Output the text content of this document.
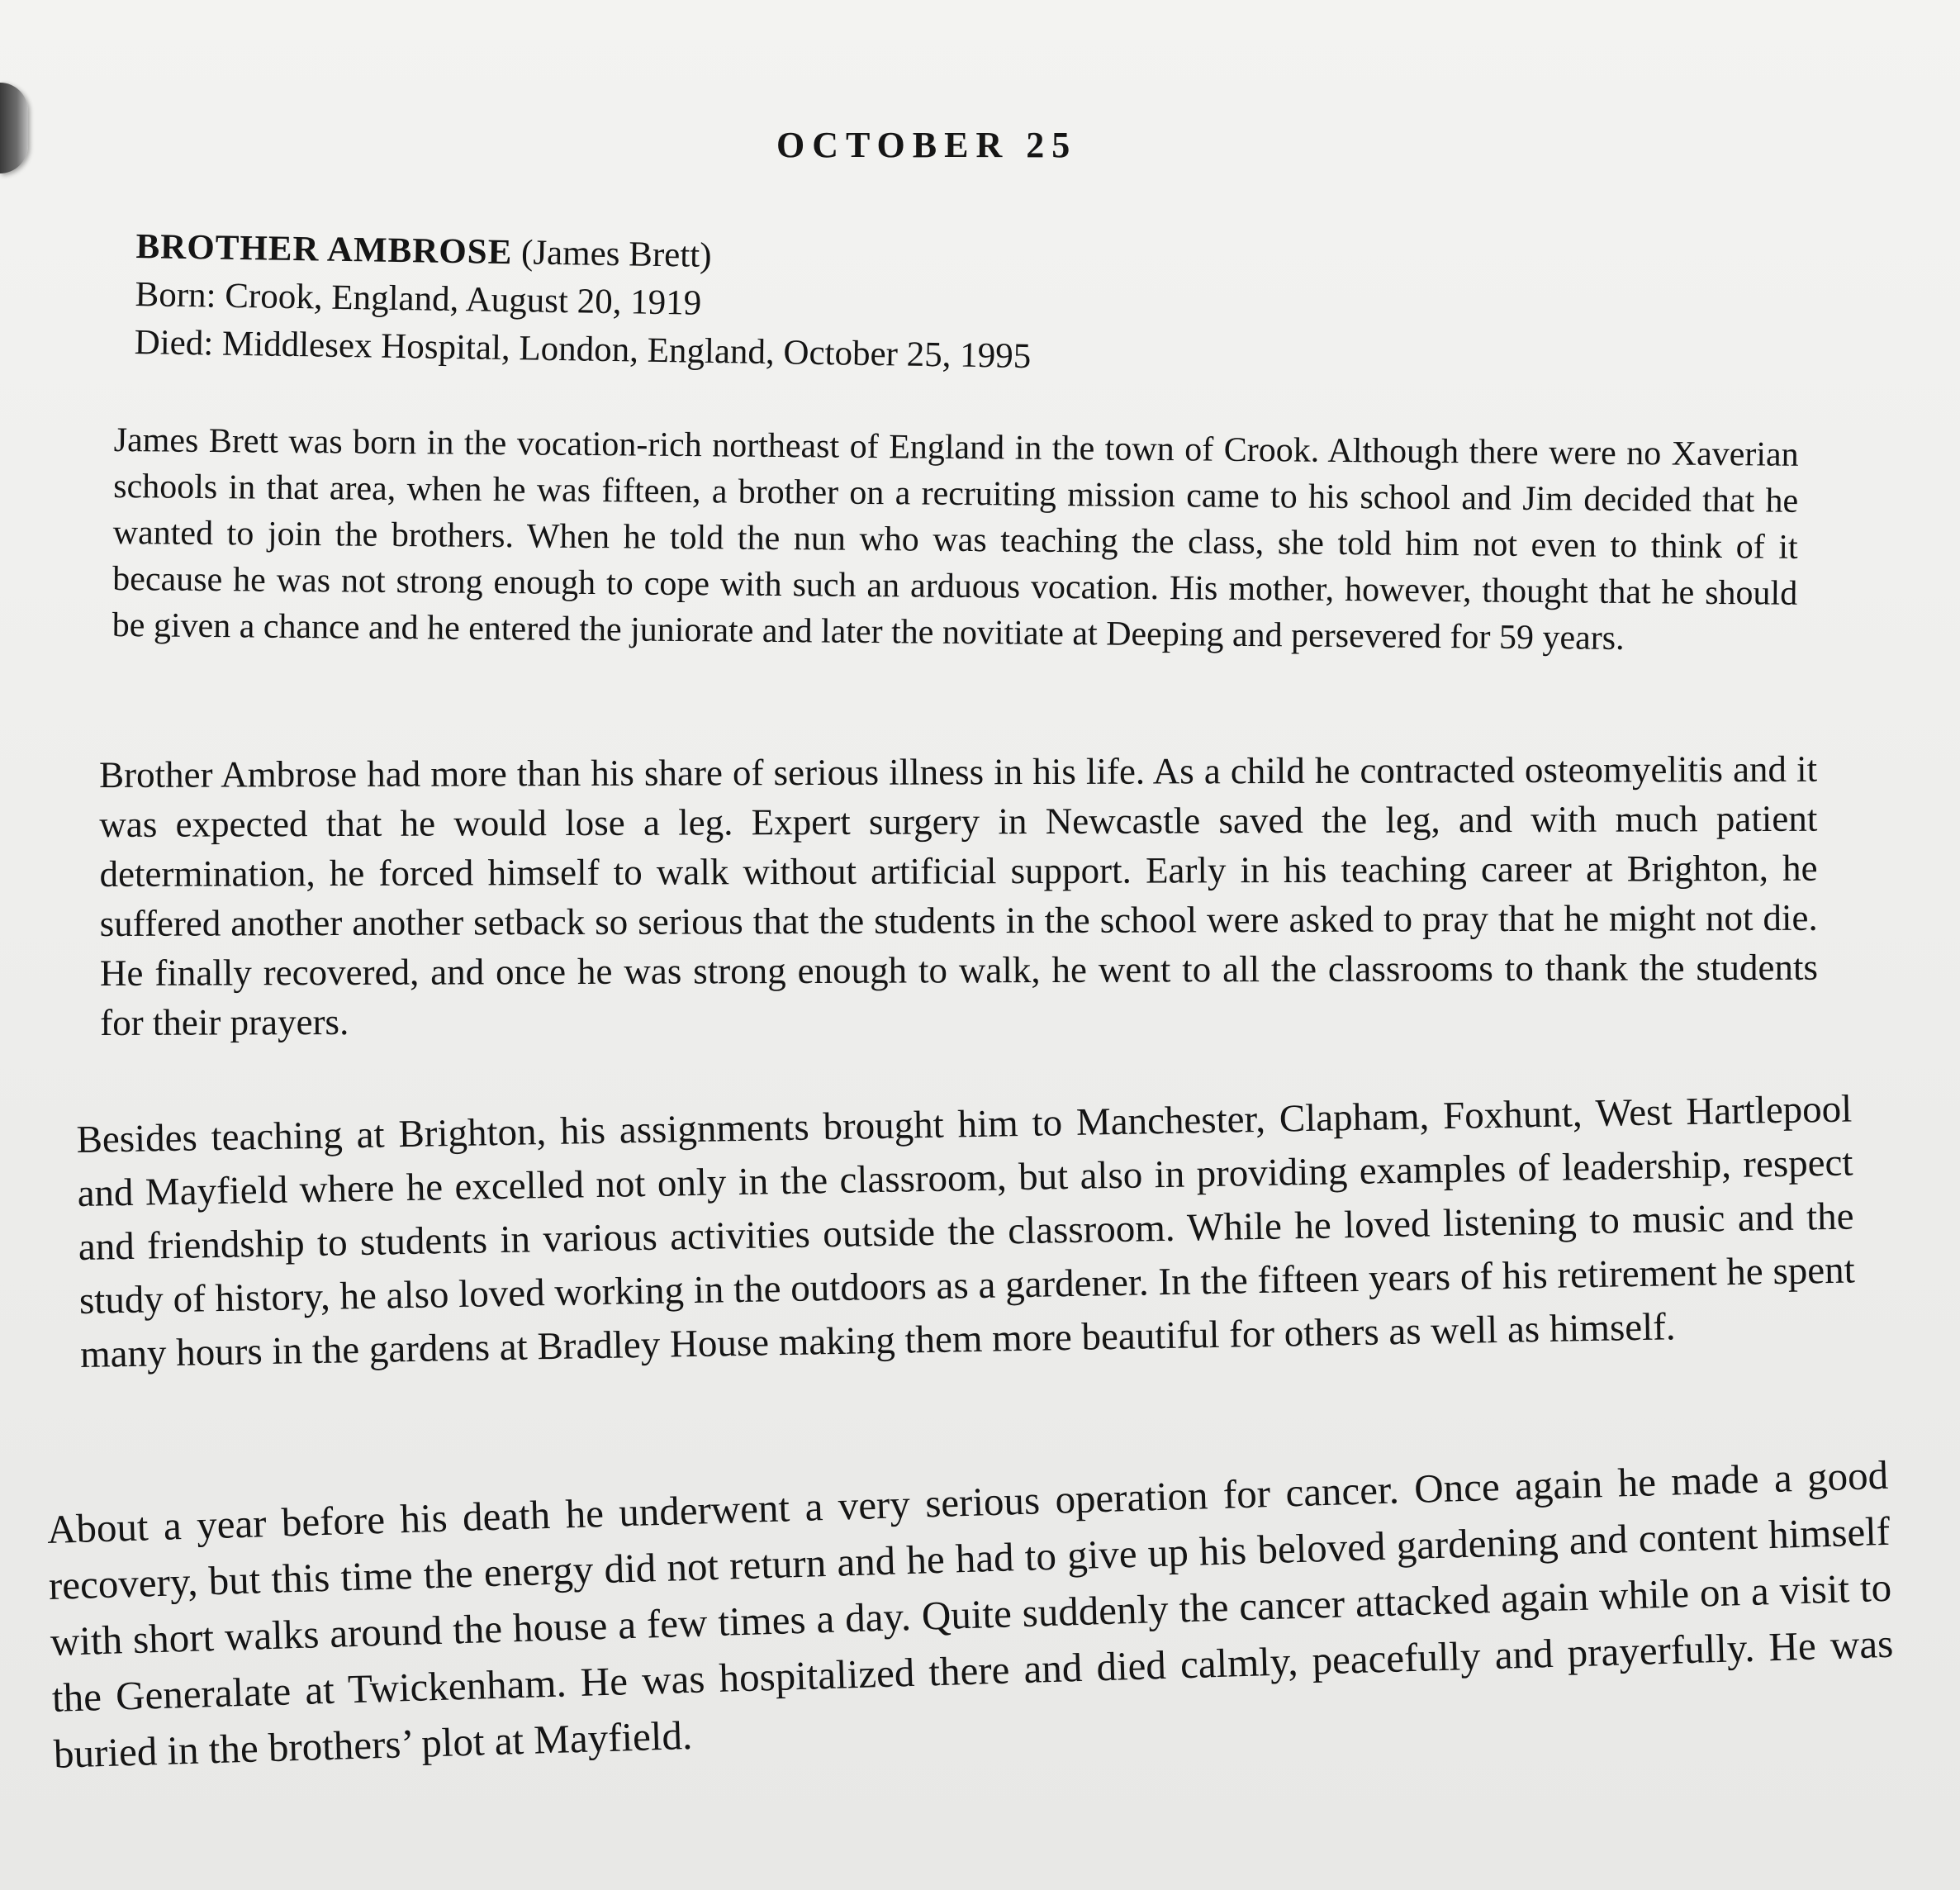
OCTOBER 25
BROTHER AMBROSE (James Brett)
Born: Crook, England, August 20, 1919
Died: Middlesex Hospital, London, England, October 25, 1995

James Brett was born in the vocation-rich northeast of England in the town of Crook. Although there were no Xaverian schools in that area, when he was fifteen, a brother on a recruiting mission came to his school and Jim decided that he wanted to join the brothers. When he told the nun who was teaching the class, she told him not even to think of it because he was not strong enough to cope with such an arduous vocation. His mother, however, thought that he should be given a chance and he entered the juniorate and later the novitiate at Deeping and persevered for 59 years.

Brother Ambrose had more than his share of serious illness in his life. As a child he contracted osteomyelitis and it was expected that he would lose a leg. Expert surgery in Newcastle saved the leg, and with much patient determination, he forced himself to walk without artificial support. Early in his teaching career at Brighton, he suffered another another setback so serious that the students in the school were asked to pray that he might not die. He finally recovered, and once he was strong enough to walk, he went to all the classrooms to thank the students for their prayers.

Besides teaching at Brighton, his assignments brought him to Manchester, Clapham, Foxhunt, West Hartlepool and Mayfield where he excelled not only in the classroom, but also in providing examples of leadership, respect and friendship to students in various activities outside the classroom. While he loved listening to music and the study of history, he also loved working in the outdoors as a gardener. In the fifteen years of his retirement he spent many hours in the gardens at Bradley House making them more beautiful for others as well as himself.

About a year before his death he underwent a very serious operation for cancer. Once again he made a good recovery, but this time the energy did not return and he had to give up his beloved gardening and content himself with short walks around the house a few times a day. Quite suddenly the cancer attacked again while on a visit to the Generalate at Twickenham. He was hospitalized there and died calmly, peacefully and prayerfully. He was buried in the brothers’ plot at Mayfield.
